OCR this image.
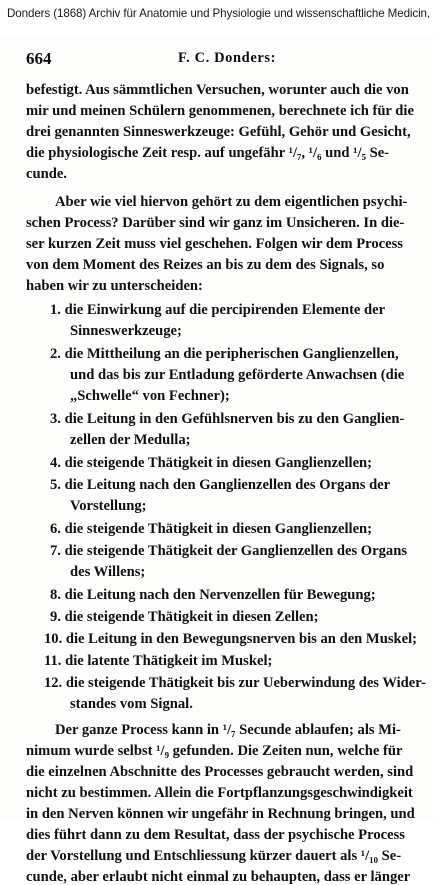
Donders (1868) Archiv für Anatomie und Physiologie und wissenschaftliche Medicin,
664	F. C. Donders:
befestigt. Aus sämmtlichen Versuchen, worunter auch die von
mir und meinen Schülern genommenen, berechnete ich für die
drei genannten Sinneswerkzeuge: Gefühl, Gehör und Gesicht,
die physiologische Zeit resp. auf ungefähr ¹/₇, ¹/₆ und ¹/₅ Se-
cunde.
Aber wie viel hiervon gehört zu dem eigentlichen psychi-
schen Process? Darüber sind wir ganz im Unsicheren. In die-
ser kurzen Zeit muss viel geschehen. Folgen wir dem Process
von dem Moment des Reizes an bis zu dem des Signals, so
haben wir zu unterscheiden:
1. die Einwirkung auf die percipirenden Elemente der
Sinneswerkzeuge;
2. die Mittheilung an die peripherischen Ganglienzellen,
und das bis zur Entladung geförderte Anwachsen (die
„Schwelle“ von Fechner);
3. die Leitung in den Gefühlsnerven bis zu den Ganglien-
zellen der Medulla;
4. die steigende Thätigkeit in diesen Ganglienzellen;
5. die Leitung nach den Ganglienzellen des Organs der
Vorstellung;
6. die steigende Thätigkeit in diesen Ganglienzellen;
7. die steigende Thätigkeit der Ganglienzellen des Organs
des Willens;
8. die Leitung nach den Nervenzellen für Bewegung;
9. die steigende Thätigkeit in diesen Zellen;
10. die Leitung in den Bewegungsnerven bis an den Muskel;
11. die latente Thätigkeit im Muskel;
12. die steigende Thätigkeit bis zur Ueberwindung des Wider-
standes vom Signal.
Der ganze Process kann in ¹/₇ Secunde ablaufen; als Mi-
nimum wurde selbst ¹/₉ gefunden. Die Zeiten nun, welche für
die einzelnen Abschnitte des Processes gebraucht werden, sind
nicht zu bestimmen. Allein die Fortpflanzungsgeschwindigkeit
in den Nerven können wir ungefähr in Rechnung bringen, und
dies führt dann zu dem Resultat, dass der psychische Process
der Vorstellung und Entschliessung kürzer dauert als ¹/₁₀ Se-
cunde, aber erlaubt nicht einmal zu behaupten, dass er länger
